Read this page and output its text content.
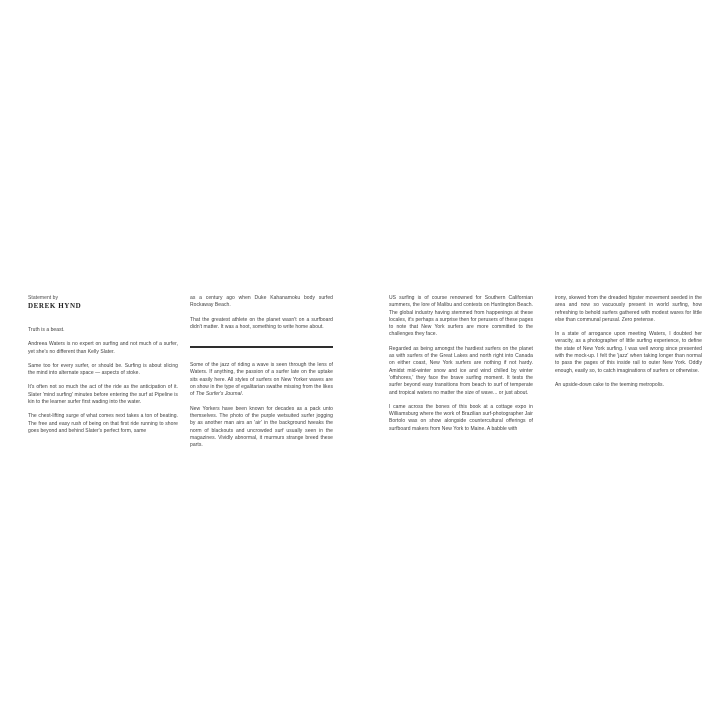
Statement by
DEREK HYND

Truth is a beast.

Andreea Waters is no expert on surfing and not much of a surfer, yet she's no different than Kelly Slater.

Same too for every surfer, or should be. Surfing is about slicing the mind into alternate space — aspects of stoke.

It's often not so much the act of the ride as the anticipation of it. Slater 'mind surfing' minutes before entering the surf at Pipeline is kin to the learner surfer first wading into the water.

The chest-lifting surge of what comes next takes a ton of beating. The free and easy rush of being on that first ride running to shore goes beyond and behind Slater's perfect form, same

as a century ago when Duke Kahanamoku body surfed Rockaway Beach.

That the greatest athlete on the planet wasn't on a surfboard didn't matter. It was a hoot, something to write home about.

Some of the jazz of riding a wave is seen through the lens of Waters. If anything, the passion of a surfer late on the uptake sits easily here. All styles of surfers on New Yorker waves are on show in the type of egalitarian swathe missing from the likes of The Surfer's Journal.

New Yorkers have been known for decades as a pack unto themselves. The photo of the purple wetsuited surfer jogging by as another man airs an 'air' in the background tweaks the norm of blackouts and uncrowded surf usually seen in the magazines. Vividly abnormal, it murmurs strange breed these parts.

US surfing is of course renowned for Southern Californian summers, the lore of Malibu and contests on Huntington Beach. The global industry having stemmed from happenings at these locales, it's perhaps a surprise then for perusers of these pages to note that New York surfers are more committed to the challenges they face.

Regarded as being amongst the hardiest surfers on the planet as with surfers of the Great Lakes and north right into Canada on either coast, New York surfers are nothing if not hardy. Amidst mid-winter snow and ice and wind chilled by winter 'offshores,' they face the brave surfing moment. It tests the surfer beyond easy transitions from beach to surf of temperate and tropical waters no matter the size of wave... or just about.

I came across the bones of this book at a cottage expo in Williamsburg where the work of Brazilian surf-photographer Jair Bortolo was on show alongside countercultural offerings of surfboard makers from New York to Maine. A babble with

irony, skewed from the dreaded hipster movement seeded in the area and now so vacuously present in world surfing, how refreshing to behold surfers gathered with modest wares for little else than communal perusal. Zero pretense.

In a state of arrogance upon meeting Waters, I doubted her veracity, as a photographer of little surfing experience, to define the state of New York surfing. I was well wrong since presented with the mock-up. I felt the 'jazz' when taking longer than normal to pass the pages of this inside rail to outer New York. Oddly enough, easily so, to catch imaginations of surfers or otherwise.

An upside-down cake to the teeming metropolis.
